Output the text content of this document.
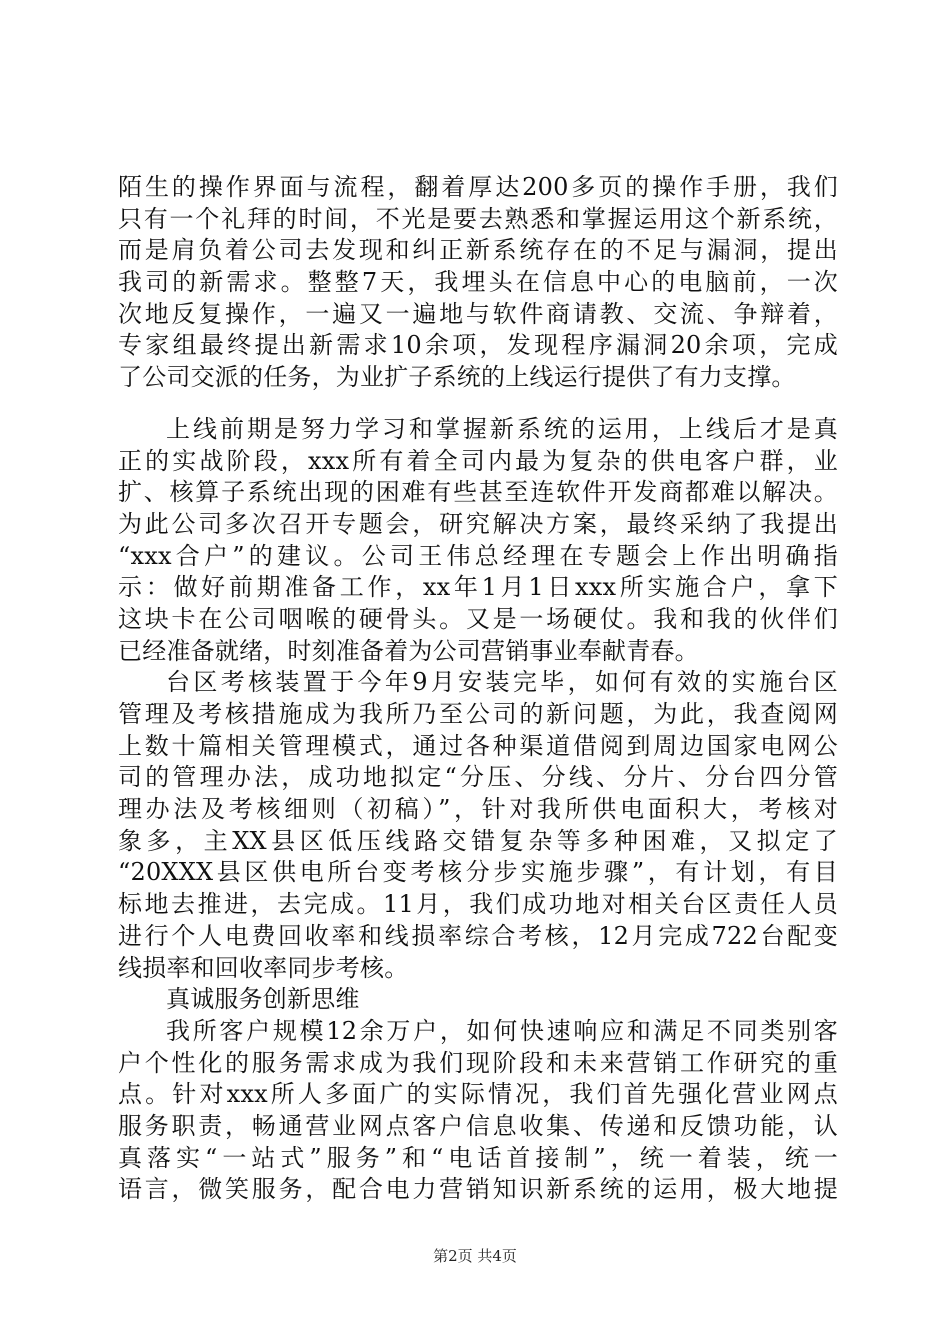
陌生的操作界面与流程，翻着厚达200多页的操作手册，我们
只有一个礼拜的时间，不光是要去熟悉和掌握运用这个新系统，
而是肩负着公司去发现和纠正新系统存在的不足与漏洞，提出
我司的新需求。整整7天，我埋头在信息中心的电脑前，一次
次地反复操作，一遍又一遍地与软件商请教、交流、争辩着，
专家组最终提出新需求10余项，发现程序漏洞20余项，完成
了公司交派的任务，为业扩子系统的上线运行提供了有力支撑。
上线前期是努力学习和掌握新系统的运用，上线后才是真
正的实战阶段，xxx所有着全司内最为复杂的供电客户群，业
扩、核算子系统出现的困难有些甚至连软件开发商都难以解决。
为此公司多次召开专题会，研究解决方案，最终采纳了我提出
“xxx合户”的建议。公司王伟总经理在专题会上作出明确指
示：做好前期准备工作，xx年1月1日xxx所实施合户，拿下
这块卡在公司咽喉的硬骨头。又是一场硬仗。我和我的伙伴们
已经准备就绪，时刻准备着为公司营销事业奉献青春。
台区考核装置于今年9月安装完毕，如何有效的实施台区
管理及考核措施成为我所乃至公司的新问题，为此，我查阅网
上数十篇相关管理模式，通过各种渠道借阅到周边国家电网公
司的管理办法，成功地拟定“分压、分线、分片、分台四分管
理办法及考核细则（初稿）”，针对我所供电面积大，考核对
象多，主XX县区低压线路交错复杂等多种困难，又拟定了
“20XXX县区供电所台变考核分步实施步骤”，有计划，有目
标地去推进，去完成。11月，我们成功地对相关台区责任人员
进行个人电费回收率和线损率综合考核，12月完成722台配变
线损率和回收率同步考核。
真诚服务创新思维
我所客户规模12余万户，如何快速响应和满足不同类别客
户个性化的服务需求成为我们现阶段和未来营销工作研究的重
点。针对xxx所人多面广的实际情况，我们首先强化营业网点
服务职责，畅通营业网点客户信息收集、传递和反馈功能，认
真落实“一站式”服务”和“电话首接制”，统一着装，统一
语言，微笑服务，配合电力营销知识新系统的运用，极大地提
第2页 共4页
